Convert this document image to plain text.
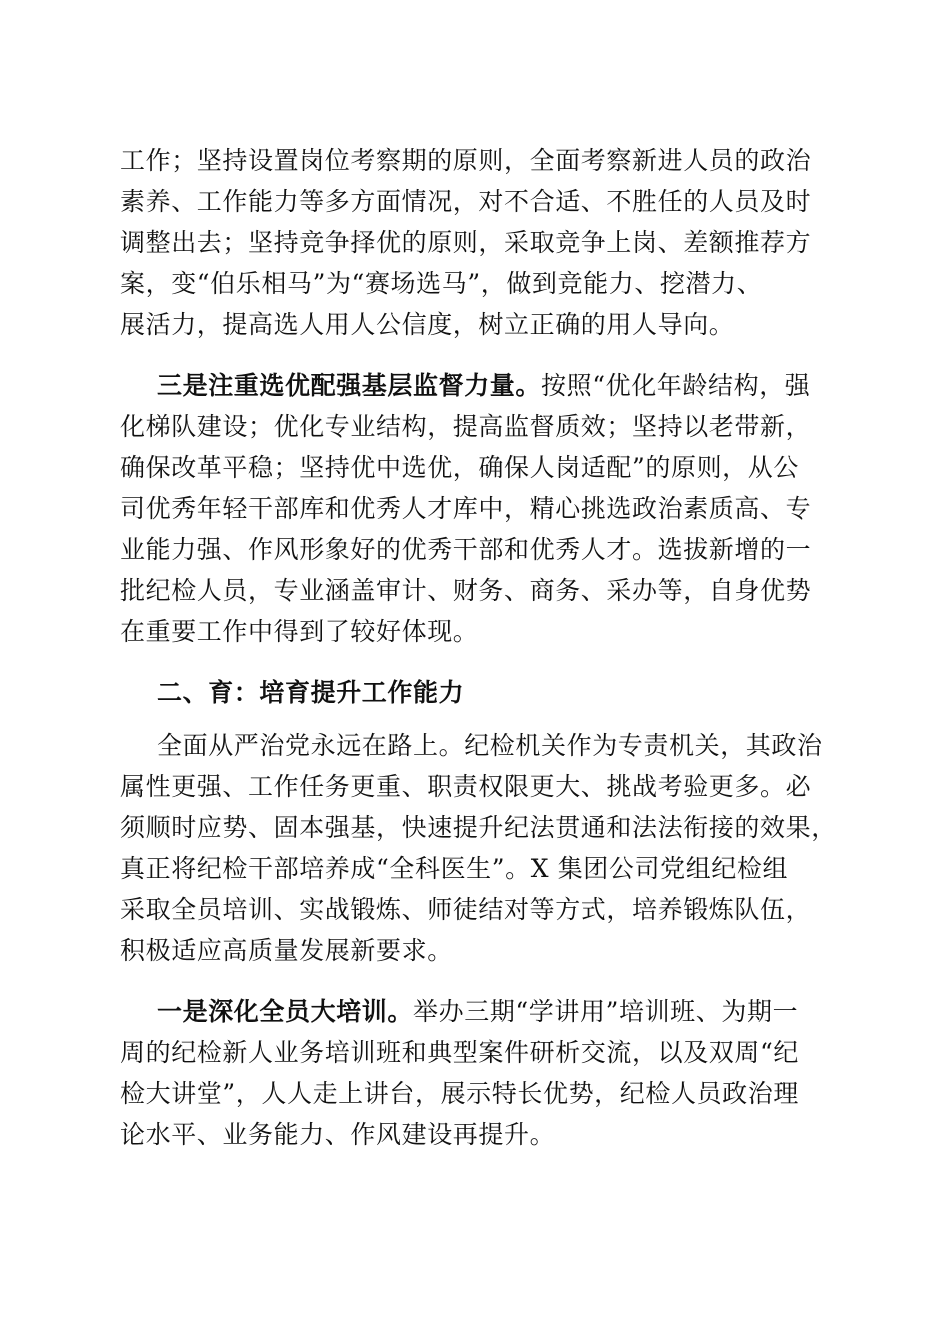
工作；坚持设置岗位考察期的原则，全面考察新进人员的政治
素养、工作能力等多方面情况，对不合适、不胜任的人员及时
调整出去；坚持竞争择优的原则，采取竞争上岗、差额推荐方
案，变“伯乐相马”为“赛场选马”，做到竞能力、挖潜力、
展活力，提高选人用人公信度，树立正确的用人导向。
三是注重选优配强基层监督力量。按照“优化年龄结构，强
化梯队建设；优化专业结构，提高监督质效；坚持以老带新，
确保改革平稳；坚持优中选优，确保人岗适配”的原则，从公
司优秀年轻干部库和优秀人才库中，精心挑选政治素质高、专
业能力强、作风形象好的优秀干部和优秀人才。选拔新增的一
批纪检人员，专业涵盖审计、财务、商务、采办等，自身优势
在重要工作中得到了较好体现。
二、育：培育提升工作能力
全面从严治党永远在路上。纪检机关作为专责机关，其政治
属性更强、工作任务更重、职责权限更大、挑战考验更多。必
须顺时应势、固本强基，快速提升纪法贯通和法法衔接的效果，
真正将纪检干部培养成“全科医生”。X 集团公司党组纪检组
采取全员培训、实战锻炼、师徒结对等方式，培养锻炼队伍，
积极适应高质量发展新要求。
一是深化全员大培训。举办三期“学讲用”培训班、为期一
周的纪检新人业务培训班和典型案件研析交流，以及双周“纪
检大讲堂”，人人走上讲台，展示特长优势，纪检人员政治理
论水平、业务能力、作风建设再提升。
